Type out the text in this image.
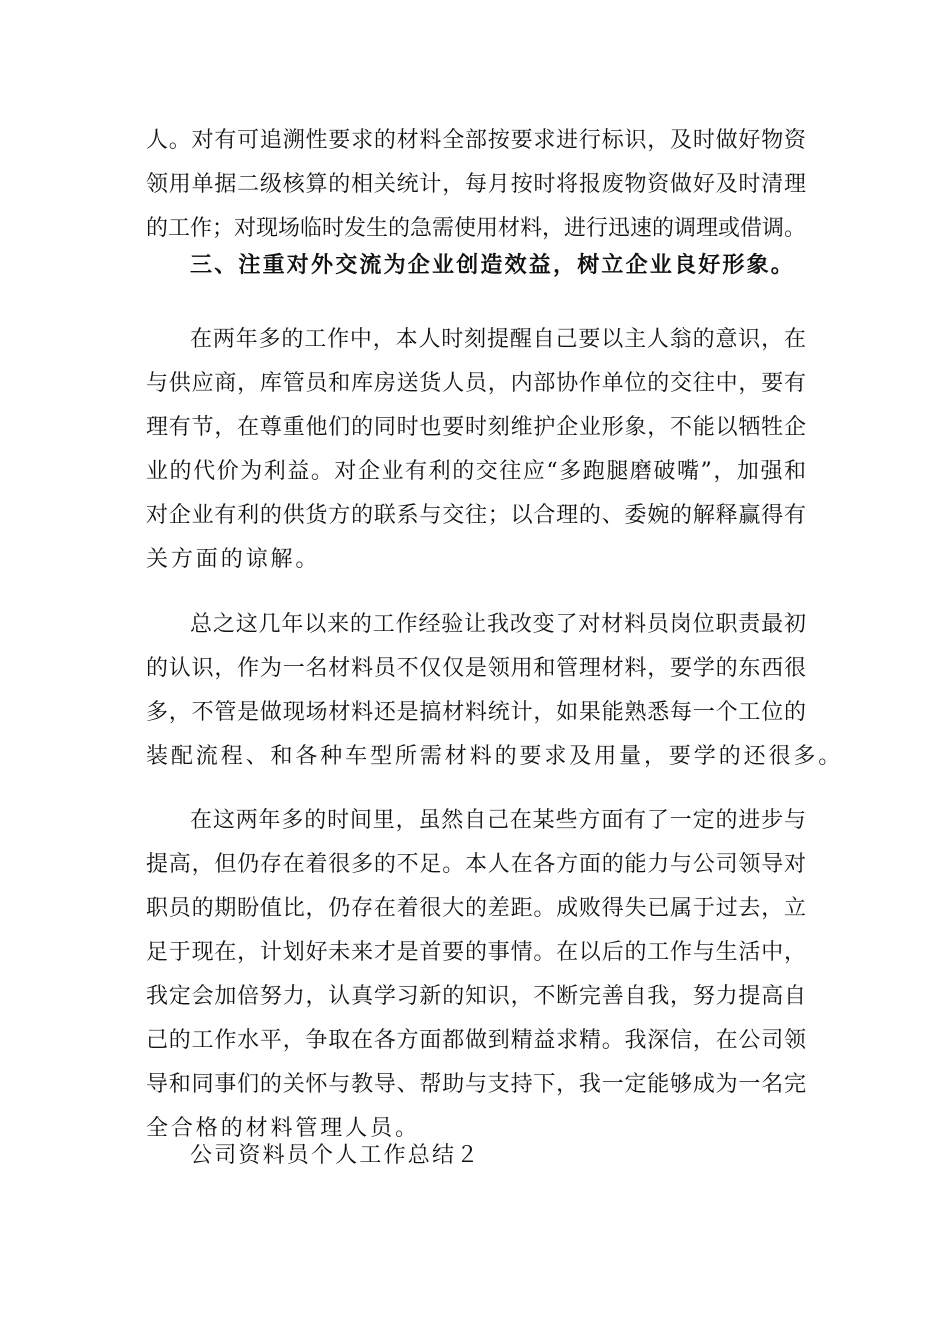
人。对有可追溯性要求的材料全部按要求进行标识，及时做好物资
领用单据二级核算的相关统计，每月按时将报废物资做好及时清理
的工作；对现场临时发生的急需使用材料，进行迅速的调理或借调。
三、注重对外交流为企业创造效益，树立企业良好形象。
在两年多的工作中，本人时刻提醒自己要以主人翁的意识，在
与供应商，库管员和库房送货人员，内部协作单位的交往中，要有
理有节，在尊重他们的同时也要时刻维护企业形象，不能以牺牲企
业的代价为利益。对企业有利的交往应“多跑腿磨破嘴”，加强和
对企业有利的供货方的联系与交往；以合理的、委婉的解释赢得有
关方面的谅解。
总之这几年以来的工作经验让我改变了对材料员岗位职责最初
的认识，作为一名材料员不仅仅是领用和管理材料，要学的东西很
多，不管是做现场材料还是搞材料统计，如果能熟悉每一个工位的
装配流程、和各种车型所需材料的要求及用量，要学的还很多。
在这两年多的时间里，虽然自己在某些方面有了一定的进步与
提高，但仍存在着很多的不足。本人在各方面的能力与公司领导对
职员的期盼值比，仍存在着很大的差距。成败得失已属于过去，立
足于现在，计划好未来才是首要的事情。在以后的工作与生活中，
我定会加倍努力，认真学习新的知识，不断完善自我，努力提高自
己的工作水平，争取在各方面都做到精益求精。我深信，在公司领
导和同事们的关怀与教导、帮助与支持下，我一定能够成为一名完
全合格的材料管理人员。
公司资料员个人工作总结２
